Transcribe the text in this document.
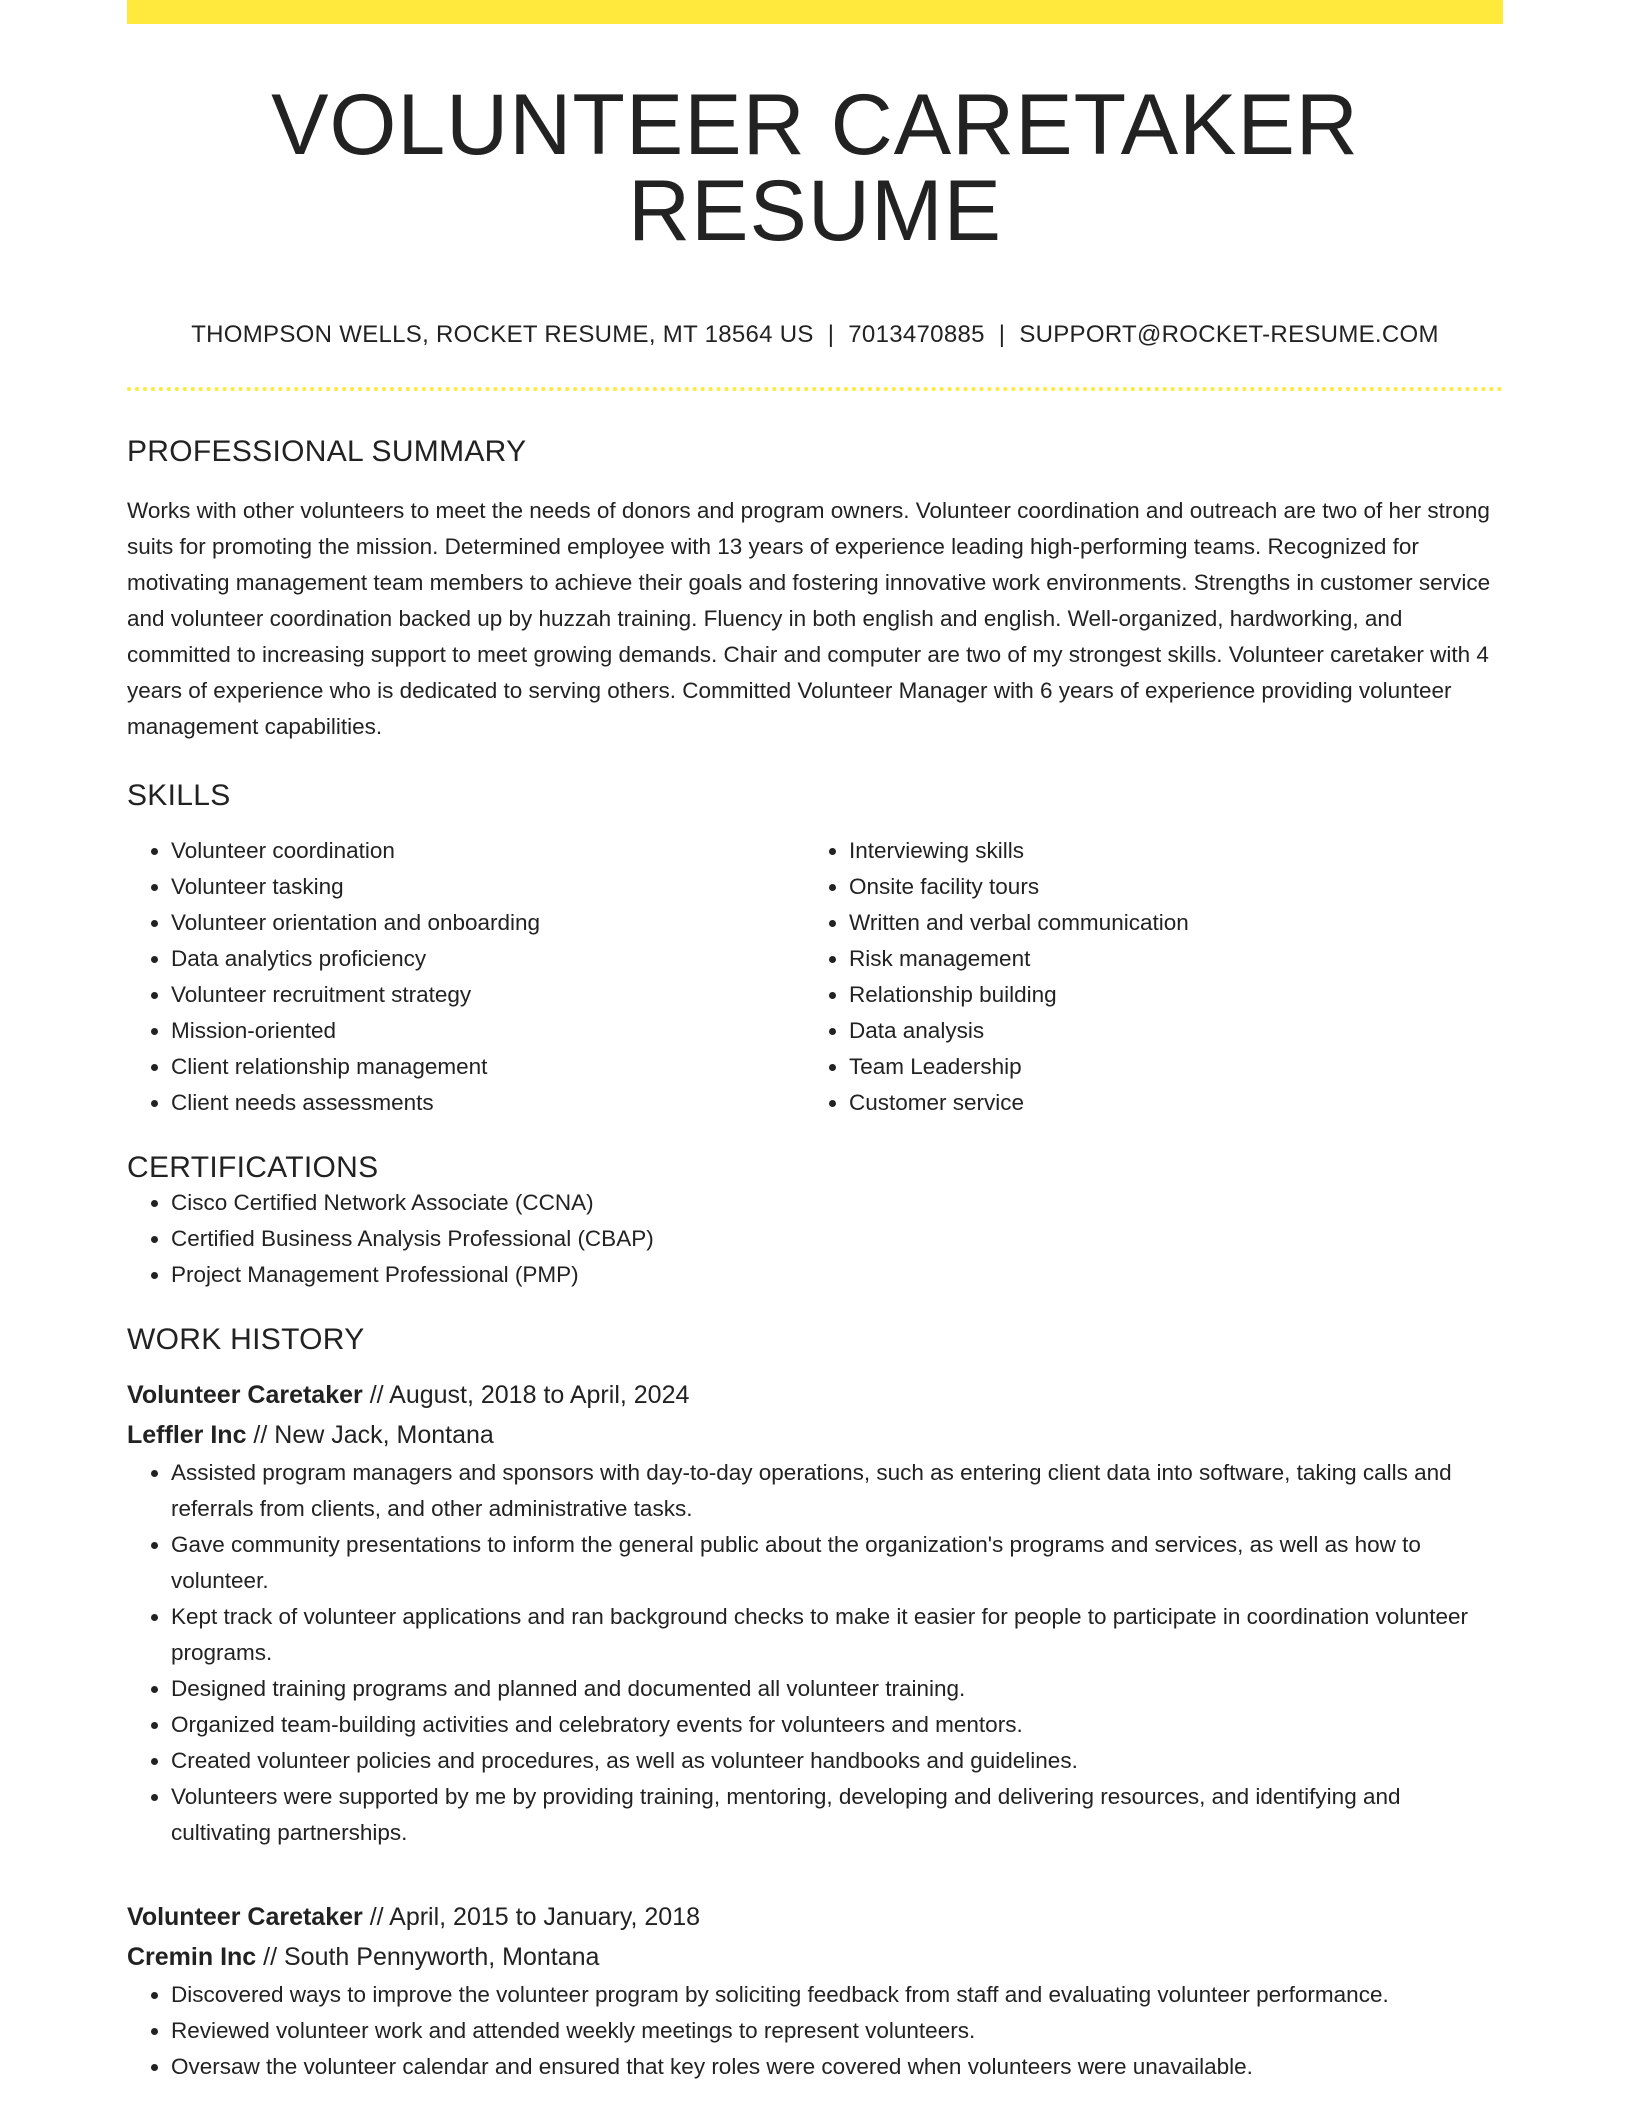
VOLUNTEER CARETAKER RESUME
THOMPSON WELLS, ROCKET RESUME, MT 18564 US | 7013470885 | SUPPORT@ROCKET-RESUME.COM
PROFESSIONAL SUMMARY

Works with other volunteers to meet the needs of donors and program owners. Volunteer coordination and outreach are two of her strong suits for promoting the mission. Determined employee with 13 years of experience leading high-performing teams. Recognized for motivating management team members to achieve their goals and fostering innovative work environments. Strengths in customer service and volunteer coordination backed up by huzzah training. Fluency in both english and english. Well-organized, hardworking, and committed to increasing support to meet growing demands. Chair and computer are two of my strongest skills. Volunteer caretaker with 4 years of experience who is dedicated to serving others. Committed Volunteer Manager with 6 years of experience providing volunteer management capabilities.

SKILLS
• Volunteer coordination
• Volunteer tasking
• Volunteer orientation and onboarding
• Data analytics proficiency
• Volunteer recruitment strategy
• Mission-oriented
• Client relationship management
• Client needs assessments
• Interviewing skills
• Onsite facility tours
• Written and verbal communication
• Risk management
• Relationship building
• Data analysis
• Team Leadership
• Customer service
CERTIFICATIONS
• Cisco Certified Network Associate (CCNA)
• Certified Business Analysis Professional (CBAP)
• Project Management Professional (PMP)
WORK HISTORY
Volunteer Caretaker // August, 2018 to April, 2024
Leffler Inc // New Jack, Montana
• Assisted program managers and sponsors with day-to-day operations, such as entering client data into software, taking calls and referrals from clients, and other administrative tasks.
• Gave community presentations to inform the general public about the organization's programs and services, as well as how to volunteer.
• Kept track of volunteer applications and ran background checks to make it easier for people to participate in coordination volunteer programs.
• Designed training programs and planned and documented all volunteer training.
• Organized team-building activities and celebratory events for volunteers and mentors.
• Created volunteer policies and procedures, as well as volunteer handbooks and guidelines.
• Volunteers were supported by me by providing training, mentoring, developing and delivering resources, and identifying and cultivating partnerships.
Volunteer Caretaker // April, 2015 to January, 2018
Cremin Inc // South Pennyworth, Montana
• Discovered ways to improve the volunteer program by soliciting feedback from staff and evaluating volunteer performance.
• Reviewed volunteer work and attended weekly meetings to represent volunteers.
• Oversaw the volunteer calendar and ensured that key roles were covered when volunteers were unavailable.
